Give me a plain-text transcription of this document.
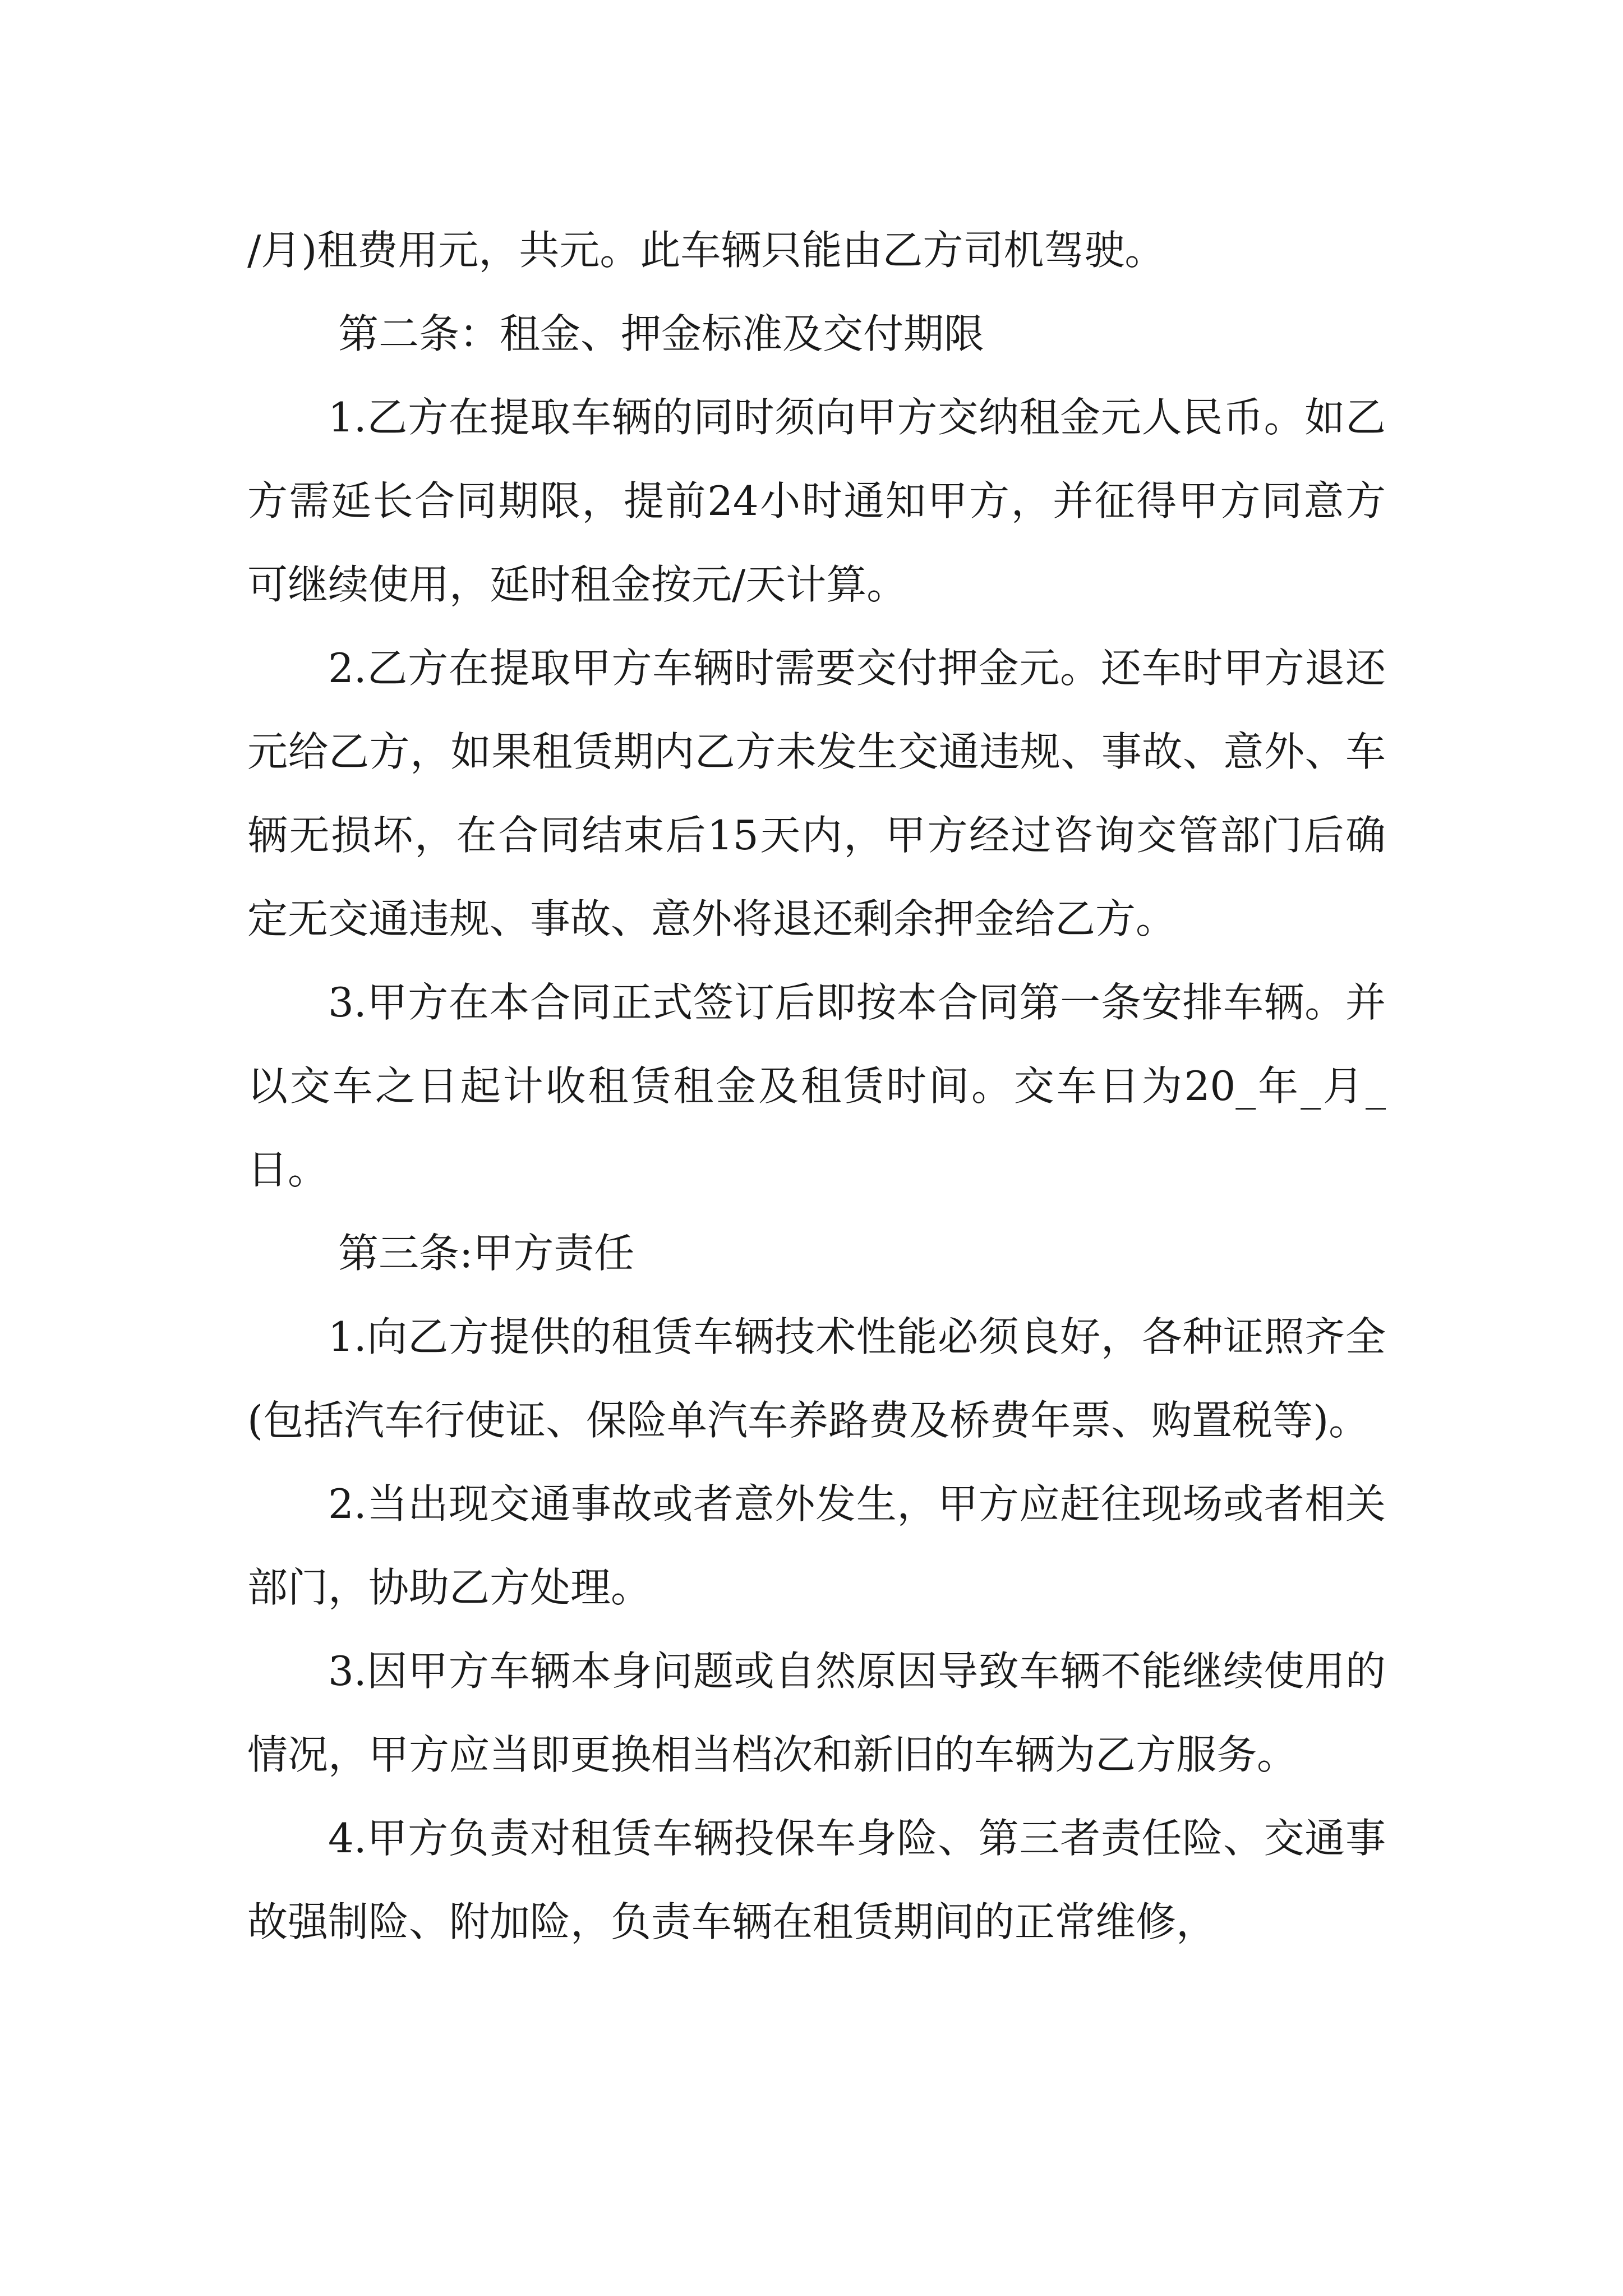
/月)租费用元，共元。此车辆只能由乙方司机驾驶。

第二条：租金、押金标准及交付期限

1.乙方在提取车辆的同时须向甲方交纳租金元人民币。如乙方需延长合同期限，提前24小时通知甲方，并征得甲方同意方可继续使用，延时租金按元/天计算。

2.乙方在提取甲方车辆时需要交付押金元。还车时甲方退还元给乙方，如果租赁期内乙方未发生交通违规、事故、意外、车辆无损坏，在合同结束后15天内，甲方经过咨询交管部门后确定无交通违规、事故、意外将退还剩余押金给乙方。

3.甲方在本合同正式签订后即按本合同第一条安排车辆。并以交车之日起计收租赁租金及租赁时间。交车日为20_年_月_日。

第三条:甲方责任

1.向乙方提供的租赁车辆技术性能必须良好，各种证照齐全(包括汽车行使证、保险单汽车养路费及桥费年票、购置税等)。

2.当出现交通事故或者意外发生，甲方应赶往现场或者相关部门，协助乙方处理。

3.因甲方车辆本身问题或自然原因导致车辆不能继续使用的情况，甲方应当即更换相当档次和新旧的车辆为乙方服务。

4.甲方负责对租赁车辆投保车身险、第三者责任险、交通事故强制险、附加险，负责车辆在租赁期间的正常维修，
